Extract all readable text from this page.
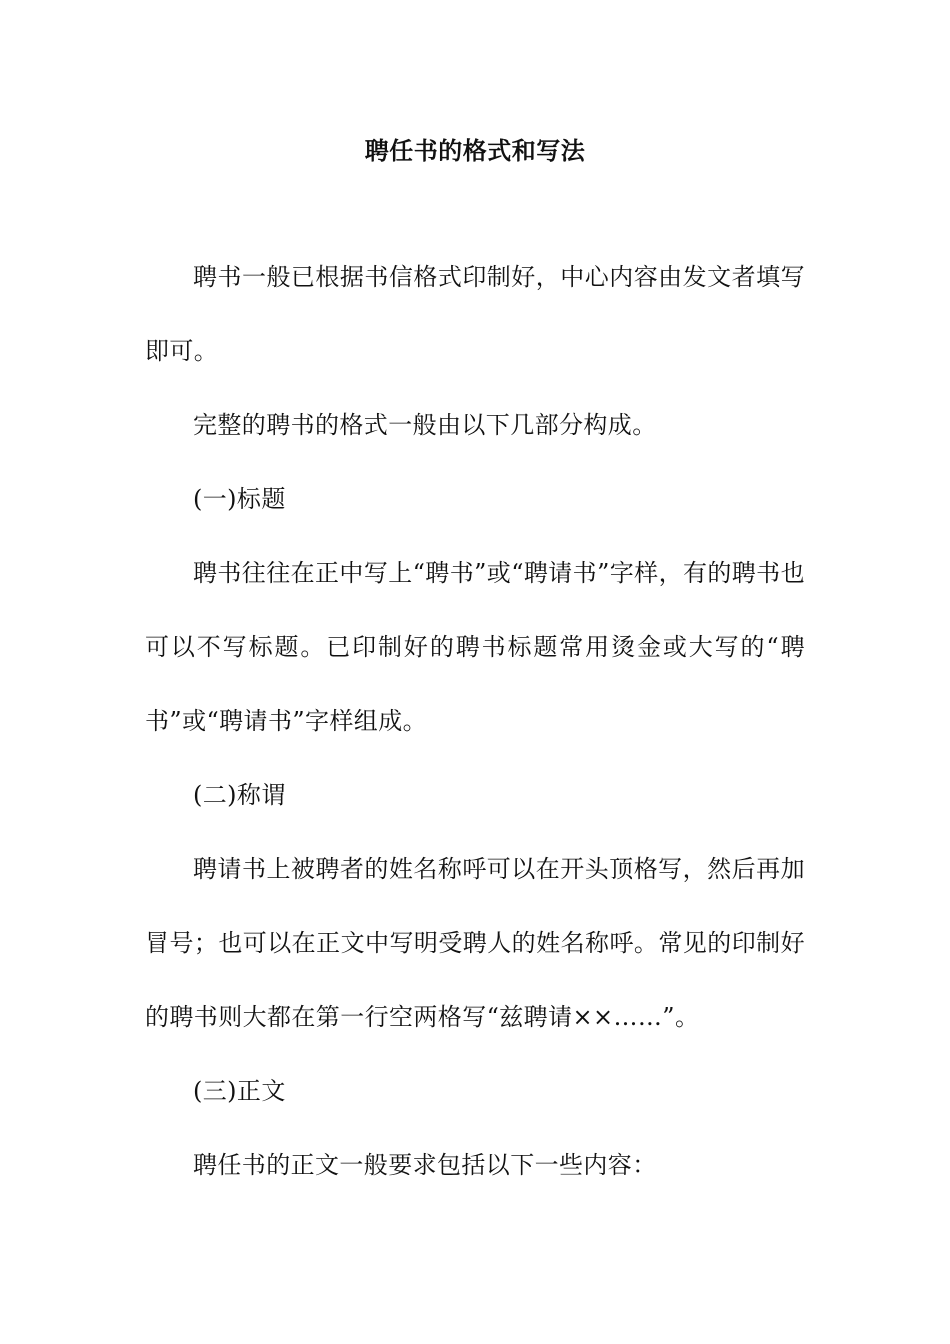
聘任书的格式和写法

聘书一般已根据书信格式印制好，中心内容由发文者填写即可。

完整的聘书的格式一般由以下几部分构成。

(一)标题

聘书往往在正中写上“聘书”或“聘请书”字样，有的聘书也可以不写标题。已印制好的聘书标题常用烫金或大写的“聘书”或“聘请书”字样组成。

(二)称谓

聘请书上被聘者的姓名称呼可以在开头顶格写，然后再加冒号；也可以在正文中写明受聘人的姓名称呼。常见的印制好的聘书则大都在第一行空两格写“兹聘请××……”。

(三)正文

聘任书的正文一般要求包括以下一些内容：
